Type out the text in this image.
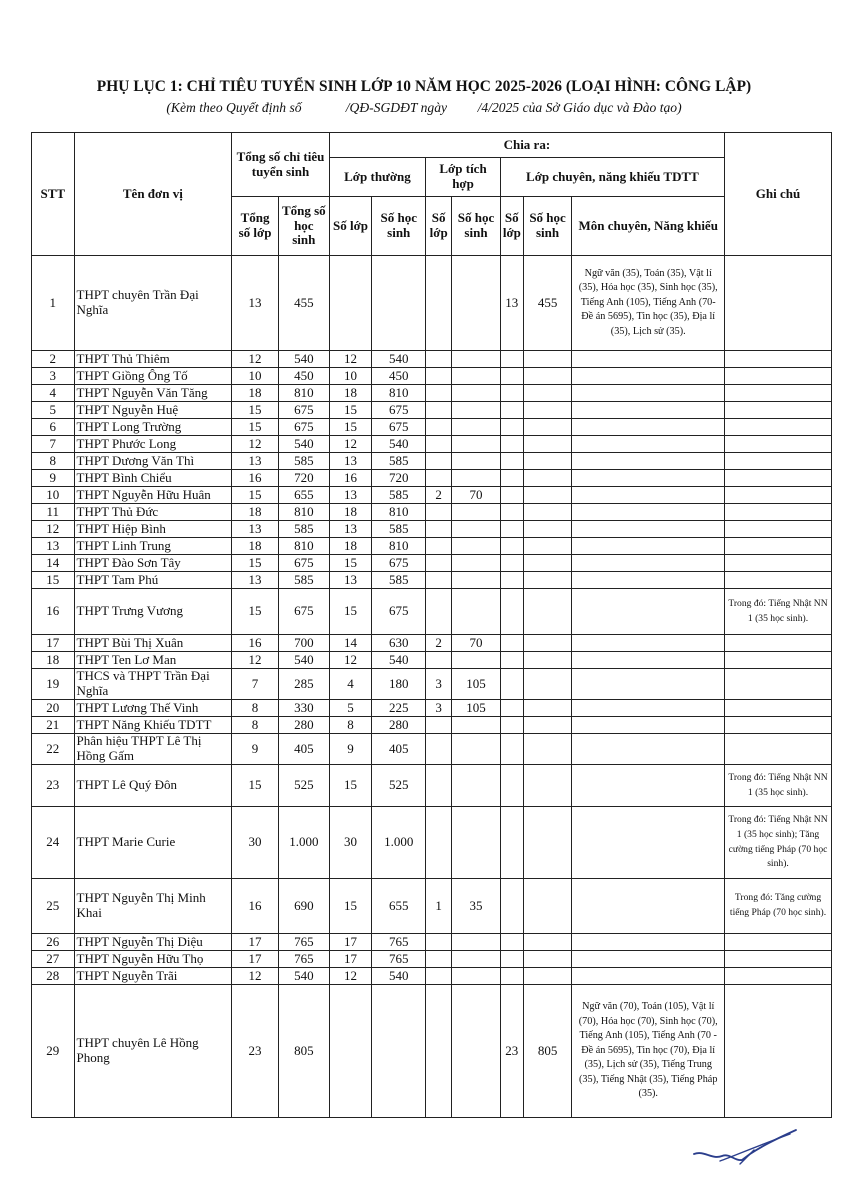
PHỤ LỤC 1: CHỈ TIÊU TUYỂN SINH LỚP 10 NĂM HỌC 2025-2026 (LOẠI HÌNH: CÔNG LẬP)
(Kèm theo Quyết định số             /QĐ-SGDĐT ngày         /4/2025 của Sở Giáo dục và Đào tạo)
STT	Tên đơn vị	Tổng số chỉ tiêu tuyển sinh		Chia ra:							Ghi chú
				Lớp thường		Lớp tích hợp		Lớp chuyên, năng khiếu TDTT			
		Tổng số lớp	Tổng số học sinh	Số lớp	Số học sinh	Số lớp	Số học sinh	Số lớp	Số học sinh	Môn chuyên, Năng khiếu	
1	THPT chuyên Trần Đại Nghĩa	13	455					13	455	Ngữ văn (35), Toán (35), Vật lí (35), Hóa học (35), Sinh học (35), Tiếng Anh (105), Tiếng Anh (70- Đề án 5695), Tin học (35), Địa lí (35), Lịch sử (35).	
2	THPT Thủ Thiêm	12	540	12	540						
3	THPT Giồng Ông Tố	10	450	10	450						
4	THPT Nguyễn Văn Tăng	18	810	18	810						
5	THPT Nguyễn Huệ	15	675	15	675						
6	THPT Long Trường	15	675	15	675						
7	THPT Phước Long	12	540	12	540						
8	THPT Dương Văn Thì	13	585	13	585						
9	THPT Bình Chiểu	16	720	16	720						
10	THPT Nguyễn Hữu Huân	15	655	13	585	2	70				
11	THPT Thủ Đức	18	810	18	810						
12	THPT Hiệp Bình	13	585	13	585						
13	THPT Linh Trung	18	810	18	810						
14	THPT Đào Sơn Tây	15	675	15	675						
15	THPT Tam Phú	13	585	13	585						
16	THPT Trưng Vương	15	675	15	675						Trong đó: Tiếng Nhật NN 1 (35 học sinh).
17	THPT Bùi Thị Xuân	16	700	14	630	2	70				
18	THPT Ten Lơ Man	12	540	12	540						
19	THCS và THPT Trần Đại Nghĩa	7	285	4	180	3	105				
20	THPT Lương Thế Vinh	8	330	5	225	3	105				
21	THPT Năng Khiếu TDTT	8	280	8	280						
22	Phân hiệu THPT Lê Thị Hồng Gấm	9	405	9	405						
23	THPT Lê Quý Đôn	15	525	15	525						Trong đó: Tiếng Nhật NN 1 (35 học sinh).
24	THPT Marie Curie	30	1.000	30	1.000						Trong đó: Tiếng Nhật NN 1 (35 học sinh); Tăng cường tiếng Pháp (70 học sinh).
25	THPT Nguyễn Thị Minh Khai	16	690	15	655	1	35				Trong đó: Tăng cường tiếng Pháp (70 học sinh).
26	THPT Nguyễn Thị Diệu	17	765	17	765						
27	THPT Nguyễn Hữu Thọ	17	765	17	765						
28	THPT Nguyễn Trãi	12	540	12	540						
29	THPT chuyên Lê Hồng Phong	23	805					23	805	Ngữ văn (70), Toán (105), Vật lí (70), Hóa học (70), Sinh học (70), Tiếng Anh (105), Tiếng Anh (70 - Đề án 5695), Tin học (70), Địa lí (35), Lịch sử (35), Tiếng Trung (35), Tiếng Nhật (35), Tiếng Pháp (35).	
